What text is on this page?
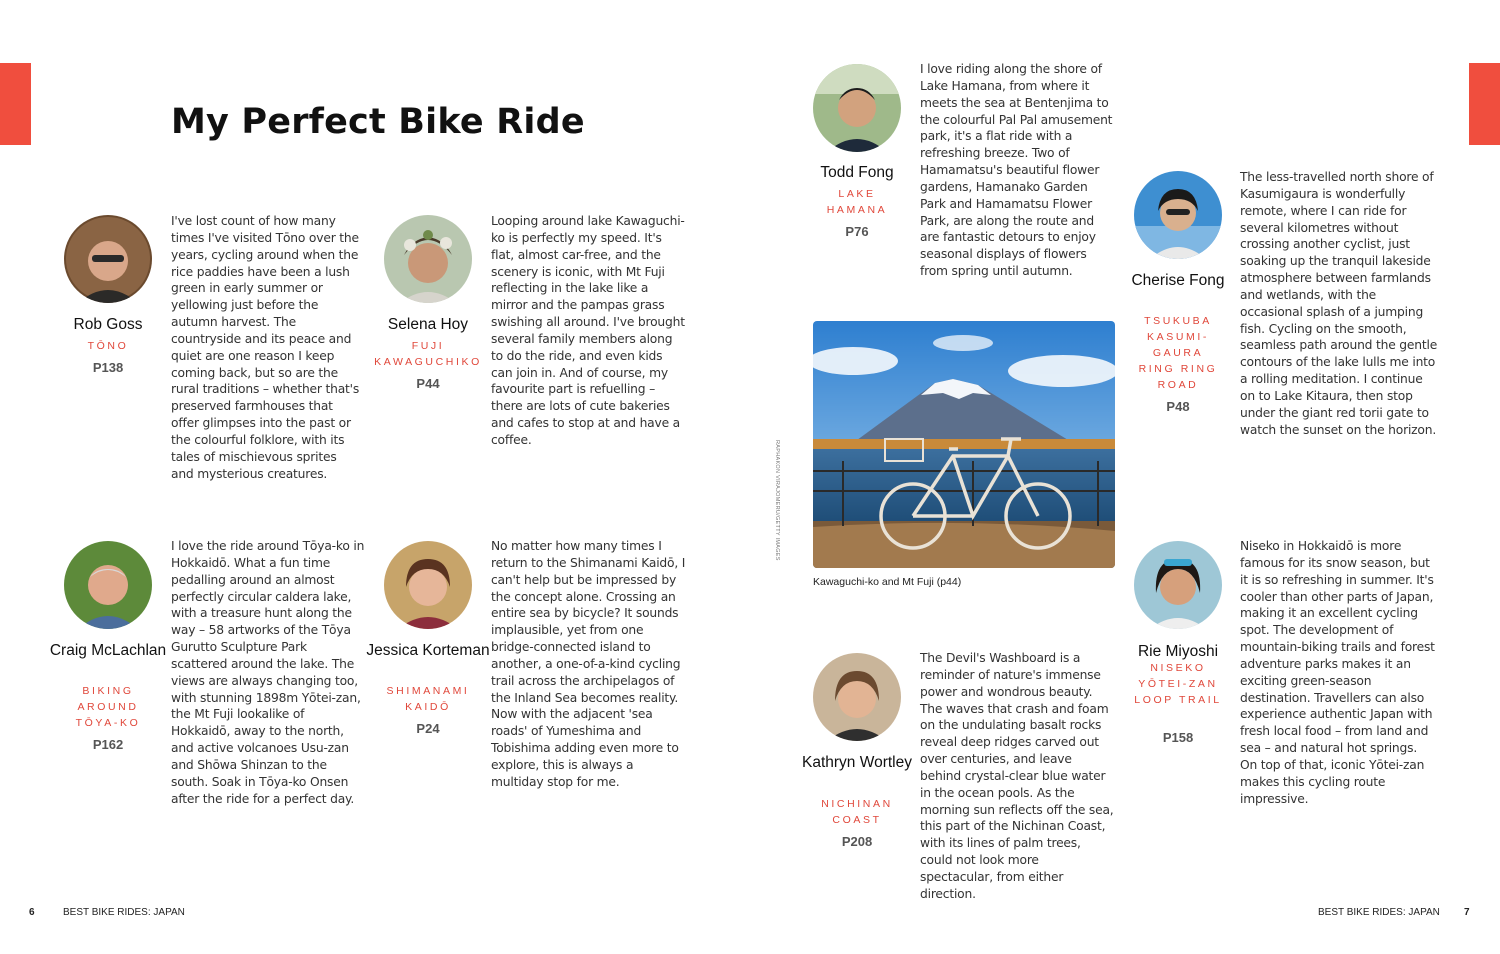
My Perfect Bike Ride
Rob Goss
TŌNO
P138

I've lost count of how many times I've visited Tōno over the years, cycling around when the rice paddies have been a lush green in early summer or yellowing just before the autumn harvest. The countryside and its peace and quiet are one reason I keep coming back, but so are the rural traditions – whether that's preserved farmhouses that offer glimpses into the past or the colourful folklore, with its tales of mischievous sprites and mysterious creatures.

Selena Hoy
FUJI KAWAGUCHIKO
P44

Looping around lake Kawaguchi-ko is perfectly my speed. It's flat, almost car-free, and the scenery is iconic, with Mt Fuji reflecting in the lake like a mirror and the pampas grass swishing all around. I've brought several family members along to do the ride, and even kids can join in. And of course, my favourite part is refuelling – there are lots of cute bakeries and cafes to stop at and have a coffee.

Todd Fong
LAKE HAMANA
P76

I love riding along the shore of Lake Hamana, from where it meets the sea at Bentenjima to the colourful Pal Pal amusement park, it's a flat ride with a refreshing breeze. Two of Hamamatsu's beautiful flower gardens, Hamanako Garden Park and Hamamatsu Flower Park, are along the route and are fantastic detours to enjoy seasonal displays of flowers from spring until autumn.

Cherise Fong
TSUKUBA KASUMI-GAURA RING RING ROAD
P48

The less-travelled north shore of Kasumigaura is wonderfully remote, where I can ride for several kilometres without crossing another cyclist, just soaking up the tranquil lakeside atmosphere between farmlands and wetlands, with the occasional splash of a jumping fish. Cycling on the smooth, seamless path around the gentle contours of the lake lulls me into a rolling meditation. I continue on to Lake Kitaura, then stop under the giant red torii gate to watch the sunset on the horizon.

Craig McLachlan
BIKING AROUND TŌYA-KO
P162

I love the ride around Tōya-ko in Hokkaidō. What a fun time pedalling around an almost perfectly circular caldera lake, with a treasure hunt along the way – 58 artworks of the Tōya Gurutto Sculpture Park scattered around the lake. The views are always changing too, with stunning 1898m Yōtei-zan, the Mt Fuji lookalike of Hokkaidō, away to the north, and active volcanoes Usu-zan and Shōwa Shinzan to the south. Soak in Tōya-ko Onsen after the ride for a perfect day.

Jessica Korteman
SHIMANAMI KAIDŌ
P24

No matter how many times I return to the Shimanami Kaidō, I can't help but be impressed by the concept alone. Crossing an entire sea by bicycle? It sounds implausible, yet from one bridge-connected island to another, a one-of-a-kind cycling trail across the archipelagos of the Inland Sea becomes reality. Now with the adjacent 'sea roads' of Yumeshima and Tobishima adding even more to explore, this is always a multiday stop for me.

Kathryn Wortley
NICHINAN COAST
P208

The Devil's Washboard is a reminder of nature's immense power and wondrous beauty. The waves that crash and foam on the undulating basalt rocks reveal deep ridges carved out over centuries, and leave behind crystal-clear blue water in the ocean pools. As the morning sun reflects off the sea, this part of the Nichinan Coast, with its lines of palm trees, could not look more spectacular, from either direction.

Rie Miyoshi
NISEKO YŌTEI-ZAN LOOP TRAIL
P158

Niseko in Hokkaidō is more famous for its snow season, but it is so refreshing in summer. It's cooler than other parts of Japan, making it an excellent cycling spot. The development of mountain-biking trails and forest adventure parks makes it an exciting green-season destination. Travellers can also experience authentic Japan with fresh local food – from land and sea – and natural hot springs. On top of that, iconic Yōtei-zan makes this cycling route impressive.

RAPHAKON VIRAJOMERU/GETTY IMAGES
Kawaguchi-ko and Mt Fuji (p44)
6	BEST BIKE RIDES: JAPAN	BEST BIKE RIDES: JAPAN 7
